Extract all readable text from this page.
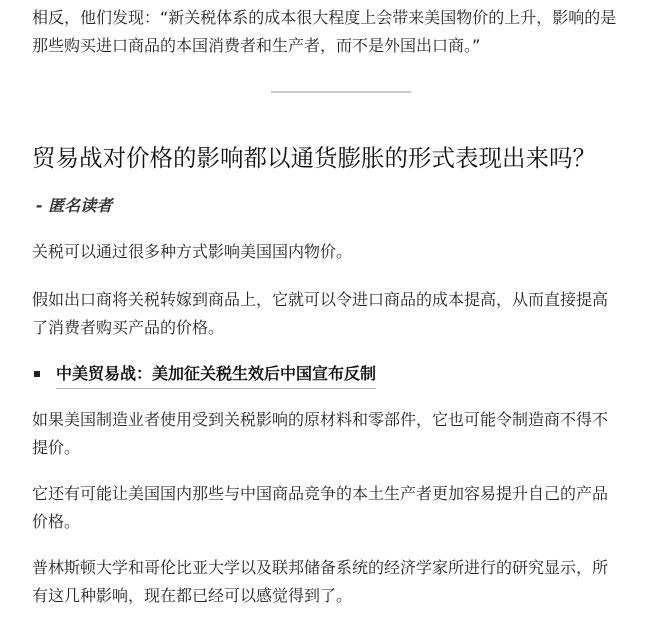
相反，他们发现：“新关税体系的成本很大程度上会带来美国物价的上升，影响的是那些购买进口商品的本国消费者和生产者，而不是外国出口商。”

贸易战对价格的影响都以通货膨胀的形式表现出来吗？

- 匿名读者

关税可以通过很多种方式影响美国国内物价。

假如出口商将关税转嫁到商品上，它就可以令进口商品的成本提高，从而直接提高了消费者购买产品的价格。

中美贸易战：美加征关税生效后中国宣布反制

如果美国制造业者使用受到关税影响的原材料和零部件，它也可能令制造商不得不提价。

它还有可能让美国国内那些与中国商品竞争的本土生产者更加容易提升自己的产品价格。

普林斯顿大学和哥伦比亚大学以及联邦储备系统的经济学家所进行的研究显示，所有这几种影响，现在都已经可以感觉得到了。
